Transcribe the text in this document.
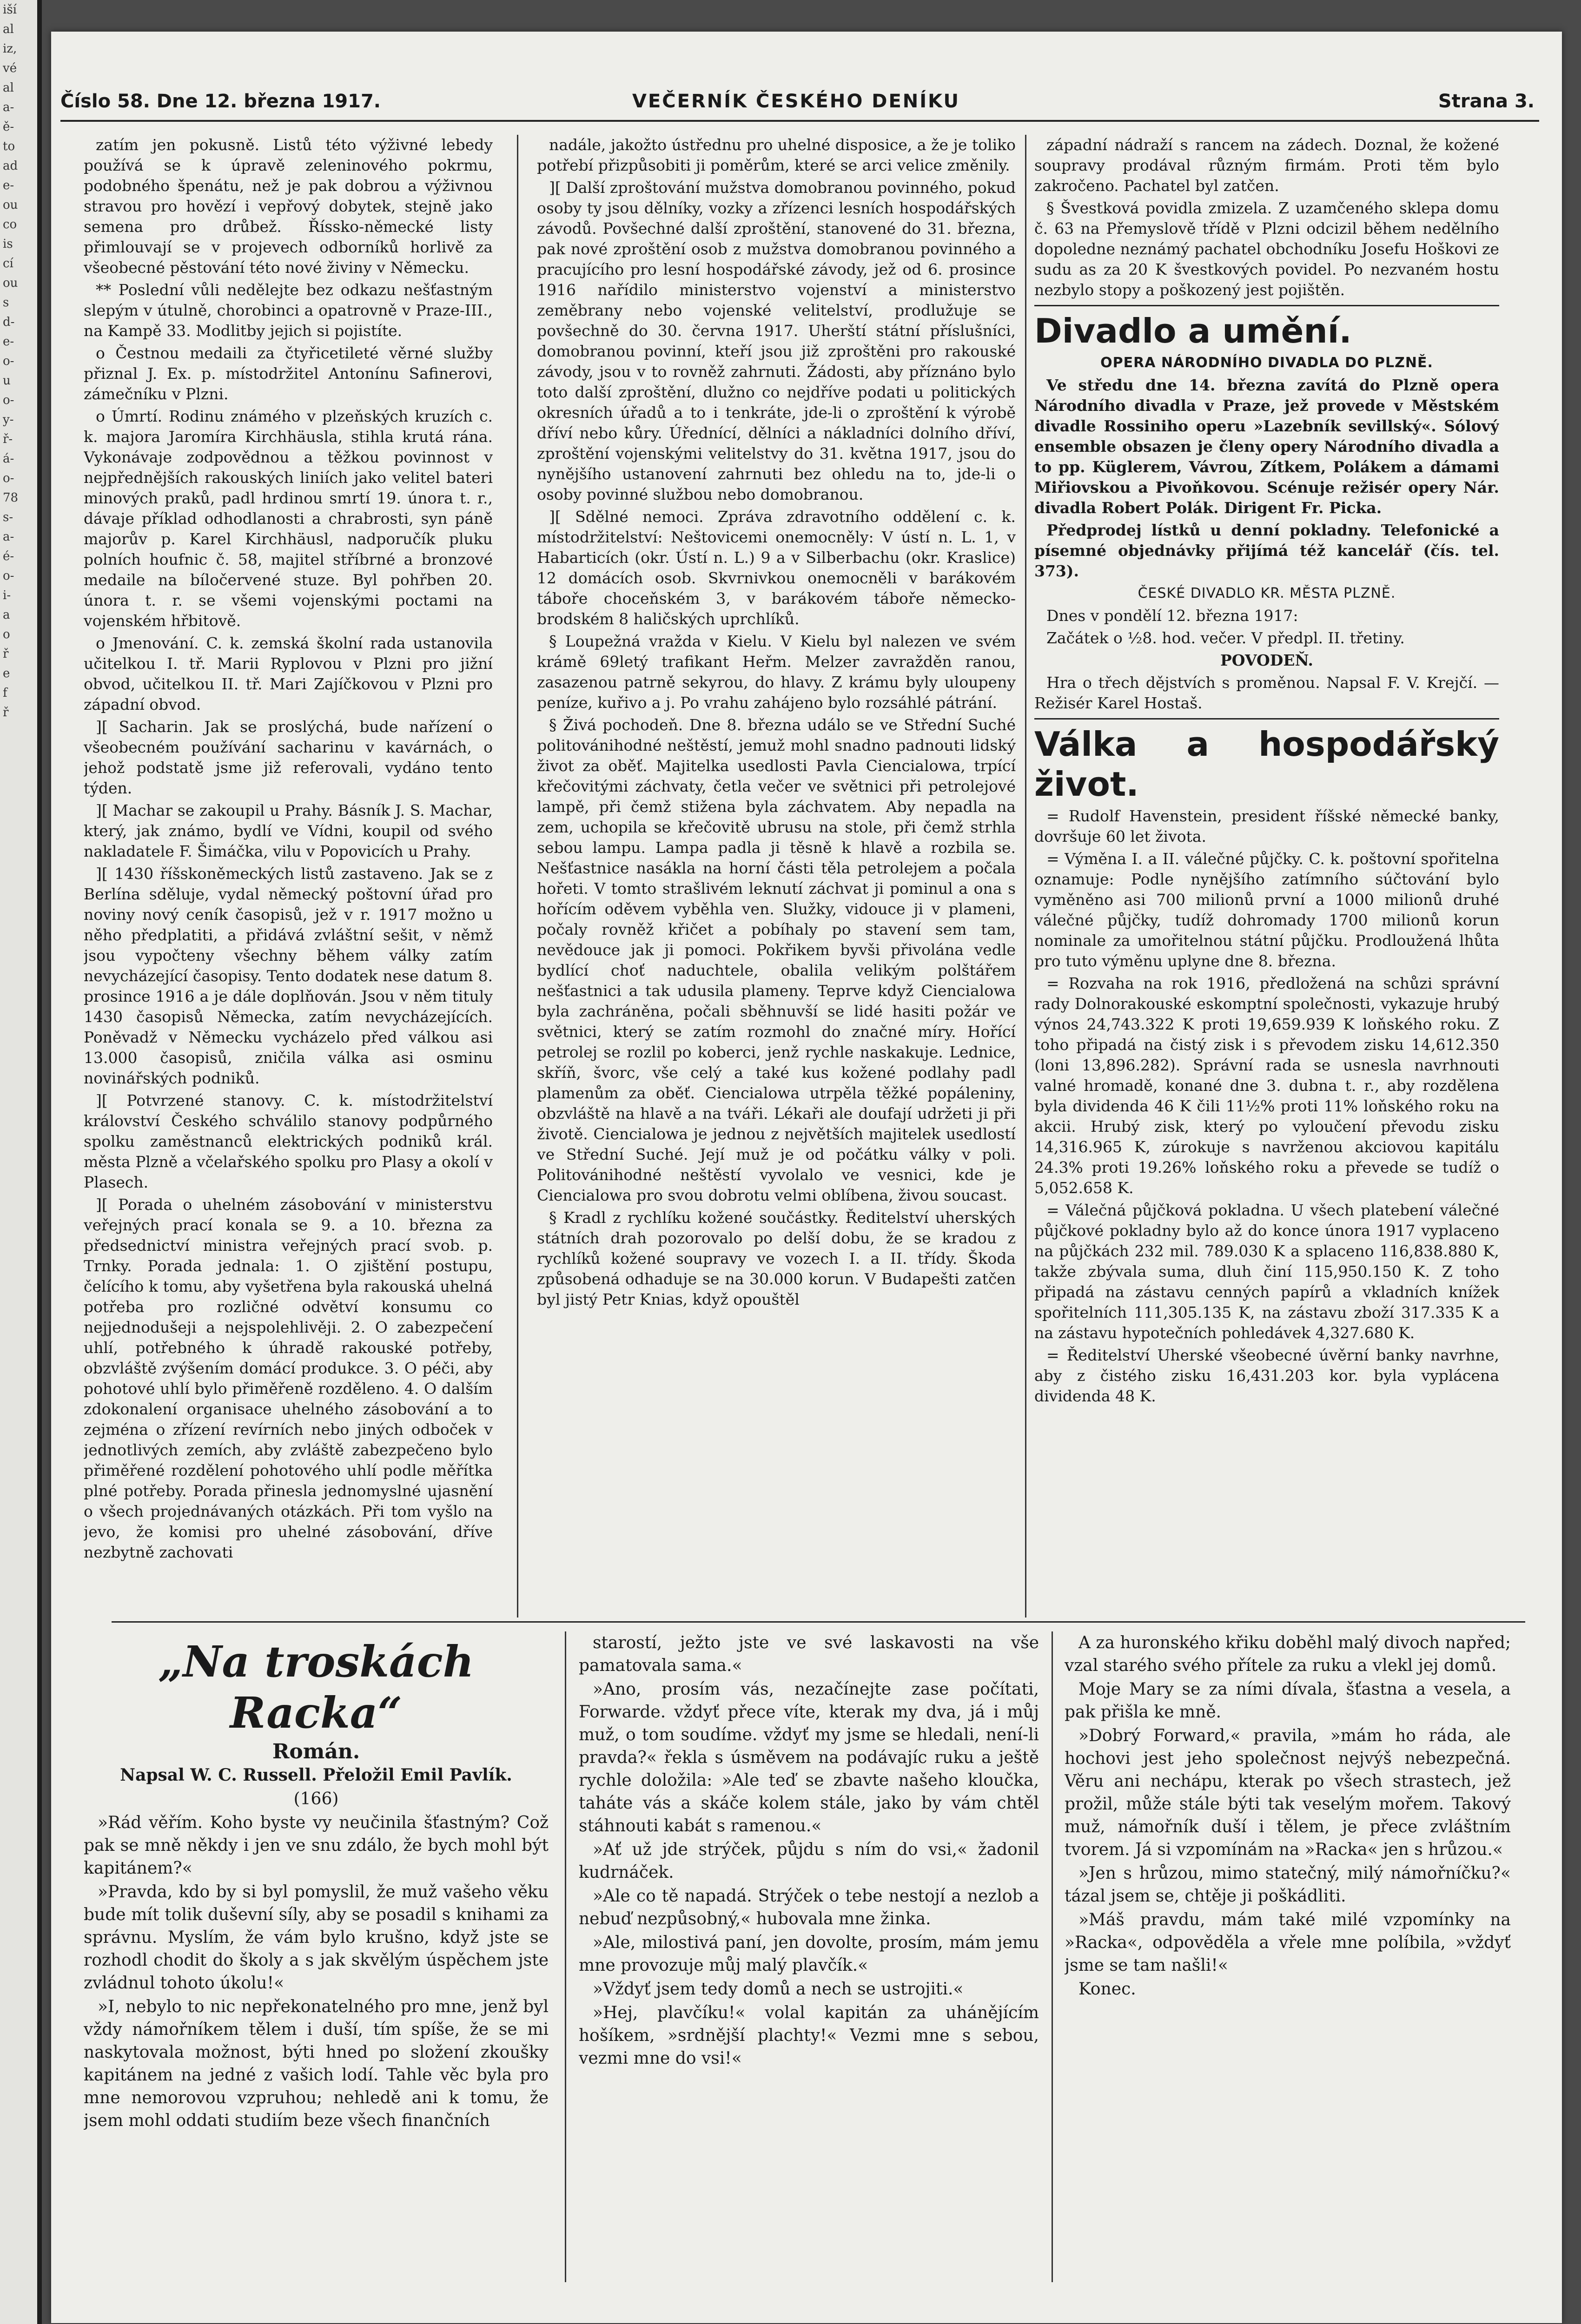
iší
al
iz,
vé
al
a-
ě-
to
ad
e-
ou
co
is
cí
ou
s
d-
e-
o-
u
o-
y-
ř-
á-
o-
78
s-
a-
é-
o-
i-
a
o
ř
e
f
ř
Číslo 58. Dne 12. března 1917.	VEČERNÍK ČESKÉHO DENÍKU	Strana 3.

zatím jen pokusně. Listů této výživné lebedy používá se k úpravě zeleninového pokrmu, podobného špenátu, než je pak dobrou a výživnou stravou pro hovězí i vepřový dobytek, stejně jako semena pro drůbež. Říssko-německé listy přimlouvají se v projevech odborníků horlivě za všeobecné pěstování této nové živiny v Německu.

** Poslední vůli nedělejte bez odkazu nešťastným slepým v útulně, chorobinci a opatrovně v Praze-III., na Kampě 33. Modlitby jejich si pojistíte.

o Čestnou medaili za čtyřicetileté věrné služby přiznal J. Ex. p. místodržitel Antonínu Safinerovi, zámečníku v Plzni.

o Úmrtí. Rodinu známého v plzeňských kruzích c. k. majora Jaromíra Kirchhäusla, stihla krutá rána. Vykonávaje zodpovědnou a těžkou povinnost v nejpřednějších rakouských liniích jako velitel bateri minových praků, padl hrdinou smrtí 19. února t. r., dávaje příklad odhodlanosti a chrabrosti, syn páně majorův p. Karel Kirchhäusl, nadporučík pluku polních houfnic č. 58, majitel stříbrné a bronzové medaile na bíločervené stuze. Byl pohřben 20. února t. r. se všemi vojenskými poctami na vojenském hřbitově.

o Jmenování. C. k. zemská školní rada ustanovila učitelkou I. tř. Marii Ryplovou v Plzni pro jižní obvod, učitelkou II. tř. Mari Zajíčkovou v Plzni pro západní obvod.

][ Sacharin. Jak se proslýchá, bude nařízení o všeobecném používání sacharinu v kavárnách, o jehož podstatě jsme již referovali, vydáno tento týden.

][ Machar se zakoupil u Prahy. Básník J. S. Machar, který, jak známo, bydlí ve Vídni, koupil od svého nakladatele F. Šimáčka, vilu v Popovicích u Prahy.

][ 1430 říšskoněmeckých listů zastaveno. Jak se z Berlína sděluje, vydal německý poštovní úřad pro noviny nový ceník časopisů, jež v r. 1917 možno u něho předplatiti, a přidává zvláštní sešit, v němž jsou vypočteny všechny během války zatím nevycházející časopisy. Tento dodatek nese datum 8. prosince 1916 a je dále doplňován. Jsou v něm tituly 1430 časopisů Německa, zatím nevycházejících. Poněvadž v Německu vycházelo před válkou asi 13.000 časopisů, zničila válka asi osminu novinářských podniků.

][ Potvrzené stanovy. C. k. místodržitelství království Českého schválilo stanovy podpůrného spolku zaměstnanců elektrických podniků král. města Plzně a včelařského spolku pro Plasy a okolí v Plasech.

][ Porada o uhelném zásobování v ministerstvu veřejných prací konala se 9. a 10. března za předsednictví ministra veřejných prací svob. p. Trnky. Porada jednala: 1. O zjištění postupu, čelícího k tomu, aby vyšetřena byla rakouská uhelná potřeba pro rozličné odvětví konsumu co nejjednodušeji a nejspolehlivěji. 2. O zabezpečení uhlí, potřebného k úhradě rakouské potřeby, obzvláště zvýšením domácí produkce. 3. O péči, aby pohotové uhlí bylo přiměřeně rozděleno. 4. O dalším zdokonalení organisace uhelného zásobování a to zejména o zřízení revírních nebo jiných odboček v jednotlivých zemích, aby zvláště zabezpečeno bylo přiměřené rozdělení pohotového uhlí podle měřítka plné potřeby. Porada přinesla jednomyslné ujasnění o všech projednávaných otázkách. Při tom vyšlo na jevo, že komisi pro uhelné zásobování, dříve nezbytně zachovati

nadále, jakožto ústřednu pro uhelné disposice, a že je toliko potřebí přizpůsobiti ji poměrům, které se arci velice změnily.

][ Další zproštování mužstva domobranou povinného, pokud osoby ty jsou dělníky, vozky a zřízenci lesních hospodářských závodů. Povšechné další zproštění, stanovené do 31. března, pak nové zproštění osob z mužstva domobranou povinného a pracujícího pro lesní hospodářské závody, jež od 6. prosince 1916 nařídilo ministerstvo vojenství a ministerstvo zeměbrany nebo vojenské velitelství, prodlužuje se povšechně do 30. června 1917. Uherští státní příslušníci, domobranou povinní, kteří jsou již zproštěni pro rakouské závody, jsou v to rovněž zahrnuti. Žádosti, aby příznáno bylo toto další zproštění, dlužno co nejdříve podati u politických okresních úřadů a to i tenkráte, jde-li o zproštění k výrobě dříví nebo kůry. Úřednící, dělníci a nákladníci dolního dříví, zproštění vojenskými velitelstvy do 31. května 1917, jsou do nynějšího ustanovení zahrnuti bez ohledu na to, jde-li o osoby povinné službou nebo domobranou.

][ Sdělné nemoci. Zpráva zdravotního oddělení c. k. místodržitelství: Neštovicemi onemocněly: V ústí n. L. 1, v Habarticích (okr. Ústí n. L.) 9 a v Silberbachu (okr. Kraslice) 12 domácích osob. Skvrnivkou onemocněli v barákovém táboře choceňském 3, v barákovém táboře německo-brodském 8 haličských uprchlíků.

§ Loupežná vražda v Kielu. V Kielu byl nalezen ve svém krámě 69letý trafikant Heřm. Melzer zavražděn ranou, zasazenou patrně sekyrou, do hlavy. Z krámu byly uloupeny peníze, kuřivo a j. Po vrahu zahájeno bylo rozsáhlé pátrání.

§ Živá pochodeň. Dne 8. března událo se ve Střední Suché politovánihodné neštěstí, jemuž mohl snadno padnouti lidský život za oběť. Majitelka usedlosti Pavla Ciencialowa, trpící křečovitými záchvaty, četla večer ve světnici při petrolejové lampě, při čemž stižena byla záchvatem. Aby nepadla na zem, uchopila se křečovitě ubrusu na stole, při čemž strhla sebou lampu. Lampa padla ji těsně k hlavě a rozbila se. Nešťastnice nasákla na horní části těla petrolejem a počala hořeti. V tomto strašlivém leknutí záchvat ji pominul a ona s hořícím oděvem vyběhla ven. Služky, vidouce ji v plameni, počaly rovněž křičet a pobíhaly po stavení sem tam, nevědouce jak ji pomoci. Pokřikem byvši přivolána vedle bydlící choť naduchtele, obalila velikým polštářem nešťastnici a tak udusila plameny. Teprve když Ciencialowa byla zachráněna, počali sběhnuvší se lidé hasiti požár ve světnici, který se zatím rozmohl do značné míry. Hořící petrolej se rozlil po koberci, jenž rychle naskakuje. Lednice, skříň, švorc, vše celý a také kus kožené podlahy padl plamenům za oběť. Ciencialowa utrpěla těžké popáleniny, obzvláště na hlavě a na tváři. Lékaři ale doufají udržeti ji při životě. Ciencialowa je jednou z největších majitelek usedlostí ve Střední Suché. Její muž je od počátku války v poli. Politovánihodné neštěstí vyvolalo ve vesnici, kde je Ciencialowa pro svou dobrotu velmi oblíbena, živou soucast.

§ Kradl z rychlíku kožené součástky. Ředitelství uherských státních drah pozorovalo po delší dobu, že se kradou z rychlíků kožené soupravy ve vozech I. a II. třídy. Škoda způsobená odhaduje se na 30.000 korun. V Budapešti zatčen byl jistý Petr Knias, když opouštěl

západní nádraží s rancem na zádech. Doznal, že kožené soupravy prodával různým firmám. Proti těm bylo zakročeno. Pachatel byl zatčen.

§ Švestková povidla zmizela. Z uzamčeného sklepa domu č. 63 na Přemyslově třídě v Plzni odcizil během nedělního dopoledne neznámý pachatel obchodníku Josefu Hoškovi ze sudu as za 20 K švestkových povidel. Po nezvaném hostu nezbylo stopy a poškozený jest pojištěn.

Divadlo a umění.

OPERA NÁRODNÍHO DIVADLA DO PLZNĚ.

Ve středu dne 14. března zavítá do Plzně opera Národního divadla v Praze, jež provede v Městském divadle Rossiniho operu »Lazebník sevillský«. Sólový ensemble obsazen je členy opery Národního divadla a to pp. Küglerem, Vávrou, Zítkem, Polákem a dámami Miřiovskou a Pivoňkovou. Scénuje režisér opery Nár. divadla Robert Polák. Dirigent Fr. Picka.

Předprodej lístků u denní pokladny. Telefonické a písemné objednávky přijímá též kancelář (čís. tel. 373).

ČESKÉ DIVADLO KR. MĚSTA PLZNĚ.

Dnes v pondělí 12. března 1917:

Začátek o ½8. hod. večer. V předpl. II. třetiny.

POVODEŇ.

Hra o třech dějstvích s proměnou. Napsal F. V. Krejčí. — Režisér Karel Hostaš.

Válka a hospodářský život.

= Rudolf Havenstein, president říšské německé banky, dovršuje 60 let života.

= Výměna I. a II. válečné půjčky. C. k. poštovní spořitelna oznamuje: Podle nynějšího zatímního súčtování bylo vyměněno asi 700 milionů první a 1000 milionů druhé válečné půjčky, tudíž dohromady 1700 milionů korun nominale za umořitelnou státní půjčku. Prodloužená lhůta pro tuto výměnu uplyne dne 8. března.

= Rozvaha na rok 1916, předložená na schůzi správní rady Dolnorakouské eskomptní společnosti, vykazuje hrubý výnos 24,743.322 K proti 19,659.939 K loňského roku. Z toho připadá na čistý zisk i s převodem zisku 14,612.350 (loni 13,896.282). Správní rada se usnesla navrhnouti valné hromadě, konané dne 3. dubna t. r., aby rozdělena byla dividenda 46 K čili 11½% proti 11% loňského roku na akcii. Hrubý zisk, který po vyloučení převodu zisku 14,316.965 K, zúrokuje s navrženou akciovou kapitálu 24.3% proti 19.26% loňského roku a převede se tudíž o 5,052.658 K.

= Válečná půjčková pokladna. U všech platebení válečné půjčkové pokladny bylo až do konce února 1917 vyplaceno na půjčkách 232 mil. 789.030 K a splaceno 116,838.880 K, takže zbývala suma, dluh činí 115,950.150 K. Z toho připadá na zástavu cenných papírů a vkladních knížek spořitelních 111,305.135 K, na zástavu zboží 317.335 K a na zástavu hypotečních pohledávek 4,327.680 K.

= Ředitelství Uherské všeobecné úvěrní banky navrhne, aby z čistého zisku 16,431.203 kor. byla vyplácena dividenda 48 K.

„Na troskách Racka“

Román.

Napsal W. C. Russell. Přeložil Emil Pavlík.

(166)

»Rád věřím. Koho byste vy neučinila šťastným? Což pak se mně někdy i jen ve snu zdálo, že bych mohl být kapitánem?«

»Pravda, kdo by si byl pomyslil, že muž vašeho věku bude mít tolik duševní síly, aby se posadil s knihami za správnu. Myslím, že vám bylo krušno, když jste se rozhodl chodit do školy a s jak skvělým úspěchem jste zvládnul tohoto úkolu!«

»I, nebylo to nic nepřekonatelného pro mne, jenž byl vždy námořníkem tělem i duší, tím spíše, že se mi naskytovala možnost, býti hned po složení zkoušky kapitánem na jedné z vašich lodí. Tahle věc byla pro mne nemorovou vzpruhou; nehledě ani k tomu, že jsem mohl oddati studiím beze všech finančních

starostí, ježto jste ve své laskavosti na vše pamatovala sama.«

»Ano, prosím vás, nezačínejte zase počítati, Forwarde. vždyť přece víte, kterak my dva, já i můj muž, o tom soudíme. vždyť my jsme se hledali, není-li pravda?« řekla s úsměvem na podávajíc ruku a ještě rychle doložila: »Ale teď se zbavte našeho kloučka, taháte vás a skáče kolem stále, jako by vám chtěl stáhnouti kabát s ramenou.«

»Ať už jde strýček, půjdu s ním do vsi,« žadonil kudrnáček.

»Ale co tě napadá. Strýček o tebe nestojí a nezlob a nebuď nezpůsobný,« hubovala mne žinka.

»Ale, milostivá paní, jen dovolte, prosím, mám jemu mne provozuje můj malý plavčík.«

»Vždyť jsem tedy domů a nech se ustrojiti.«

»Hej, plavčíku!« volal kapitán za uhánějícím hošíkem, »srdnější plachty!« Vezmi mne s sebou, vezmi mne do vsi!«

A za huronského křiku doběhl malý divoch napřed; vzal starého svého přítele za ruku a vlekl jej domů.

Moje Mary se za ními dívala, šťastna a vesela, a pak přišla ke mně.

»Dobrý Forward,« pravila, »mám ho ráda, ale hochovi jest jeho společnost nejvýš nebezpečná. Věru ani nechápu, kterak po všech strastech, jež prožil, může stále býti tak veselým mořem. Takový muž, námořník duší i tělem, je přece zvláštním tvorem. Já si vzpomínám na »Racka« jen s hrůzou.«

»Jen s hrůzou, mimo statečný, milý námořníčku?« tázal jsem se, chtěje ji poškádliti.

»Máš pravdu, mám také milé vzpomínky na »Racka«, odpověděla a vřele mne políbila, »vždyť jsme se tam našli!«

Konec.
